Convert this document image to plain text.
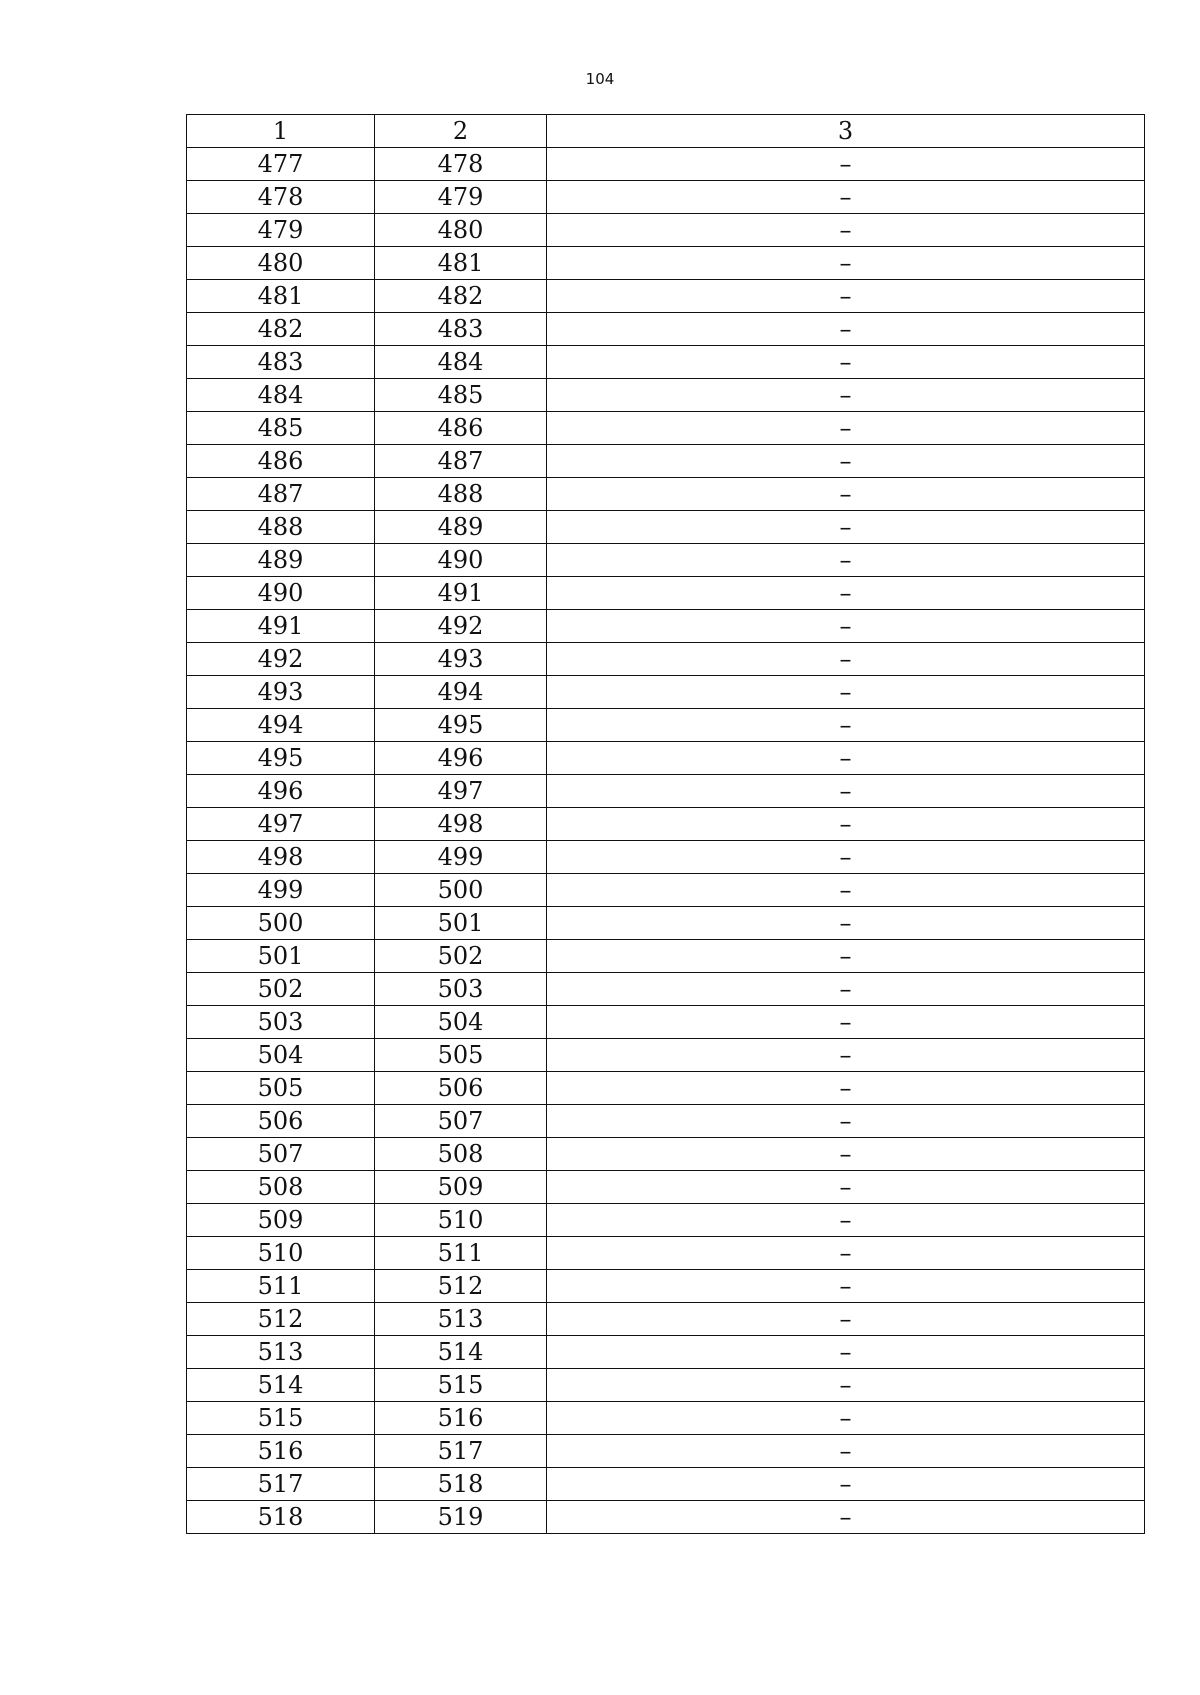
104
1	2	3
477	478	–
478	479	–
479	480	–
480	481	–
481	482	–
482	483	–
483	484	–
484	485	–
485	486	–
486	487	–
487	488	–
488	489	–
489	490	–
490	491	–
491	492	–
492	493	–
493	494	–
494	495	–
495	496	–
496	497	–
497	498	–
498	499	–
499	500	–
500	501	–
501	502	–
502	503	–
503	504	–
504	505	–
505	506	–
506	507	–
507	508	–
508	509	–
509	510	–
510	511	–
511	512	–
512	513	–
513	514	–
514	515	–
515	516	–
516	517	–
517	518	–
518	519	–
